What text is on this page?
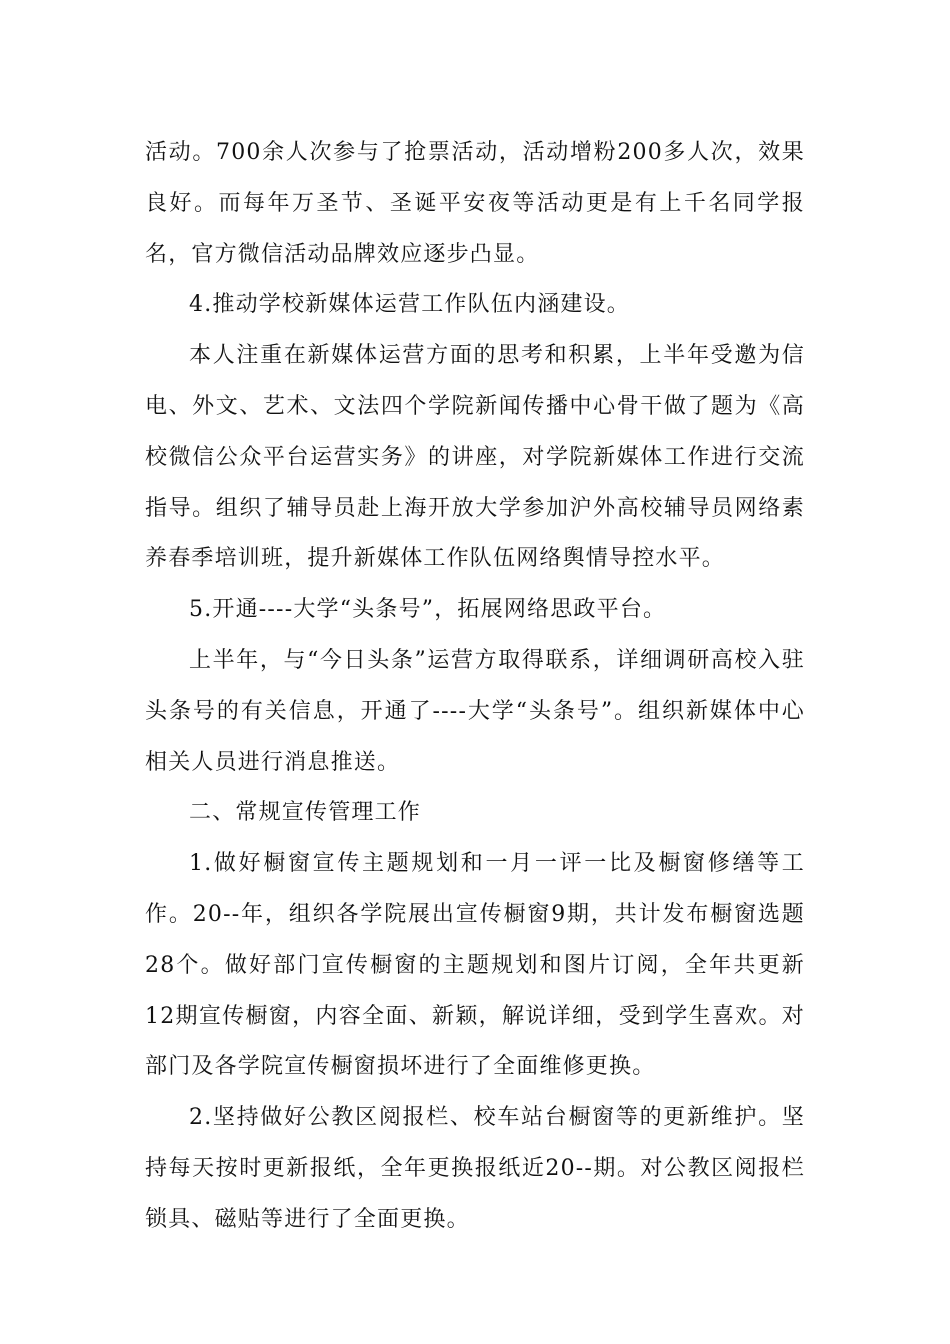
活动。700余人次参与了抢票活动，活动增粉200多人次，效果良好。而每年万圣节、圣诞平安夜等活动更是有上千名同学报名，官方微信活动品牌效应逐步凸显。

4.推动学校新媒体运营工作队伍内涵建设。

本人注重在新媒体运营方面的思考和积累，上半年受邀为信电、外文、艺术、文法四个学院新闻传播中心骨干做了题为《高校微信公众平台运营实务》的讲座，对学院新媒体工作进行交流指导。组织了辅导员赴上海开放大学参加沪外高校辅导员网络素养春季培训班，提升新媒体工作队伍网络舆情导控水平。

5.开通----大学“头条号”，拓展网络思政平台。

上半年，与“今日头条”运营方取得联系，详细调研高校入驻头条号的有关信息，开通了----大学“头条号”。组织新媒体中心相关人员进行消息推送。

二、常规宣传管理工作

1.做好橱窗宣传主题规划和一月一评一比及橱窗修缮等工作。20--年，组织各学院展出宣传橱窗9期，共计发布橱窗选题28个。做好部门宣传橱窗的主题规划和图片订阅，全年共更新12期宣传橱窗，内容全面、新颖，解说详细，受到学生喜欢。对部门及各学院宣传橱窗损坏进行了全面维修更换。

2.坚持做好公教区阅报栏、校车站台橱窗等的更新维护。坚持每天按时更新报纸，全年更换报纸近20--期。对公教区阅报栏锁具、磁贴等进行了全面更换。
